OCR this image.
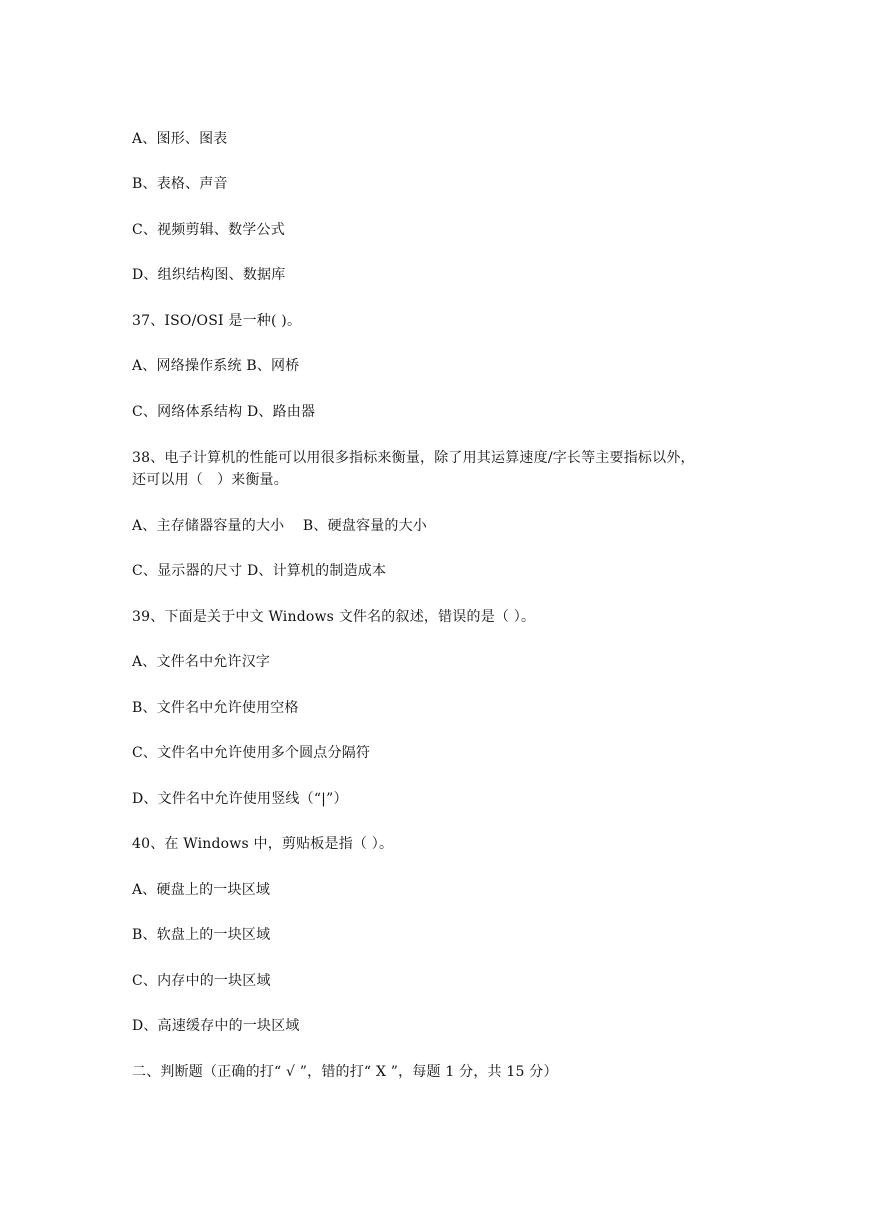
A、图形、图表
B、表格、声音
C、视频剪辑、数学公式
D、组织结构图、数据库
37、ISO/OSI 是一种( )。
A、网络操作系统 B、网桥
C、网络体系结构 D、路由器
38、电子计算机的性能可以用很多指标来衡量，除了用其运算速度/字长等主要指标以外，
还可以用（   ）来衡量。
A、主存储器容量的大小    B、硬盘容量的大小
C、显示器的尺寸 D、计算机的制造成本
39、下面是关于中文 Windows 文件名的叙述，错误的是（ ）。
A、文件名中允许汉字
B、文件名中允许使用空格
C、文件名中允许使用多个圆点分隔符
D、文件名中允许使用竖线（“|”）
40、在 Windows 中，剪贴板是指（ ）。
A、硬盘上的一块区域
B、软盘上的一块区域
C、内存中的一块区域
D、高速缓存中的一块区域
二、判断题（正确的打“ √ ”，错的打“ X ”，每题 1 分，共 15 分）
